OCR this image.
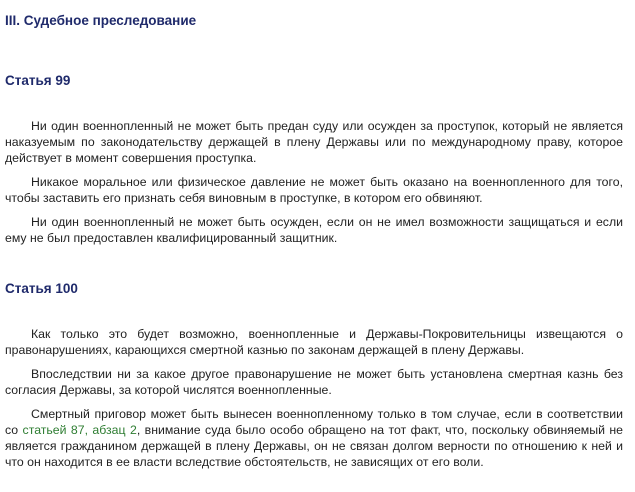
III. Судебное преследование
Статья 99

Ни один военнопленный не может быть предан суду или осужден за проступок, который не является наказуемым по законодательству держащей в плену Державы или по международному праву, которое действует в момент совершения проступка.

Никакое моральное или физическое давление не может быть оказано на военнопленного для того, чтобы заставить его признать себя виновным в проступке, в котором его обвиняют.

Ни один военнопленный не может быть осужден, если он не имел возможности защищаться и если ему не был предоставлен квалифицированный защитник.

Статья 100

Как только это будет возможно, военнопленные и Державы-Покровительницы извещаются о правонарушениях, карающихся смертной казнью по законам держащей в плену Державы.

Впоследствии ни за какое другое правонарушение не может быть установлена смертная казнь без согласия Державы, за которой числятся военнопленные.

Смертный приговор может быть вынесен военнопленному только в том случае, если в соответствии со статьей 87, абзац 2, внимание суда было особо обращено на тот факт, что, поскольку обвиняемый не является гражданином держащей в плену Державы, он не связан долгом верности по отношению к ней и что он находится в ее власти вследствие обстоятельств, не зависящих от его воли.
